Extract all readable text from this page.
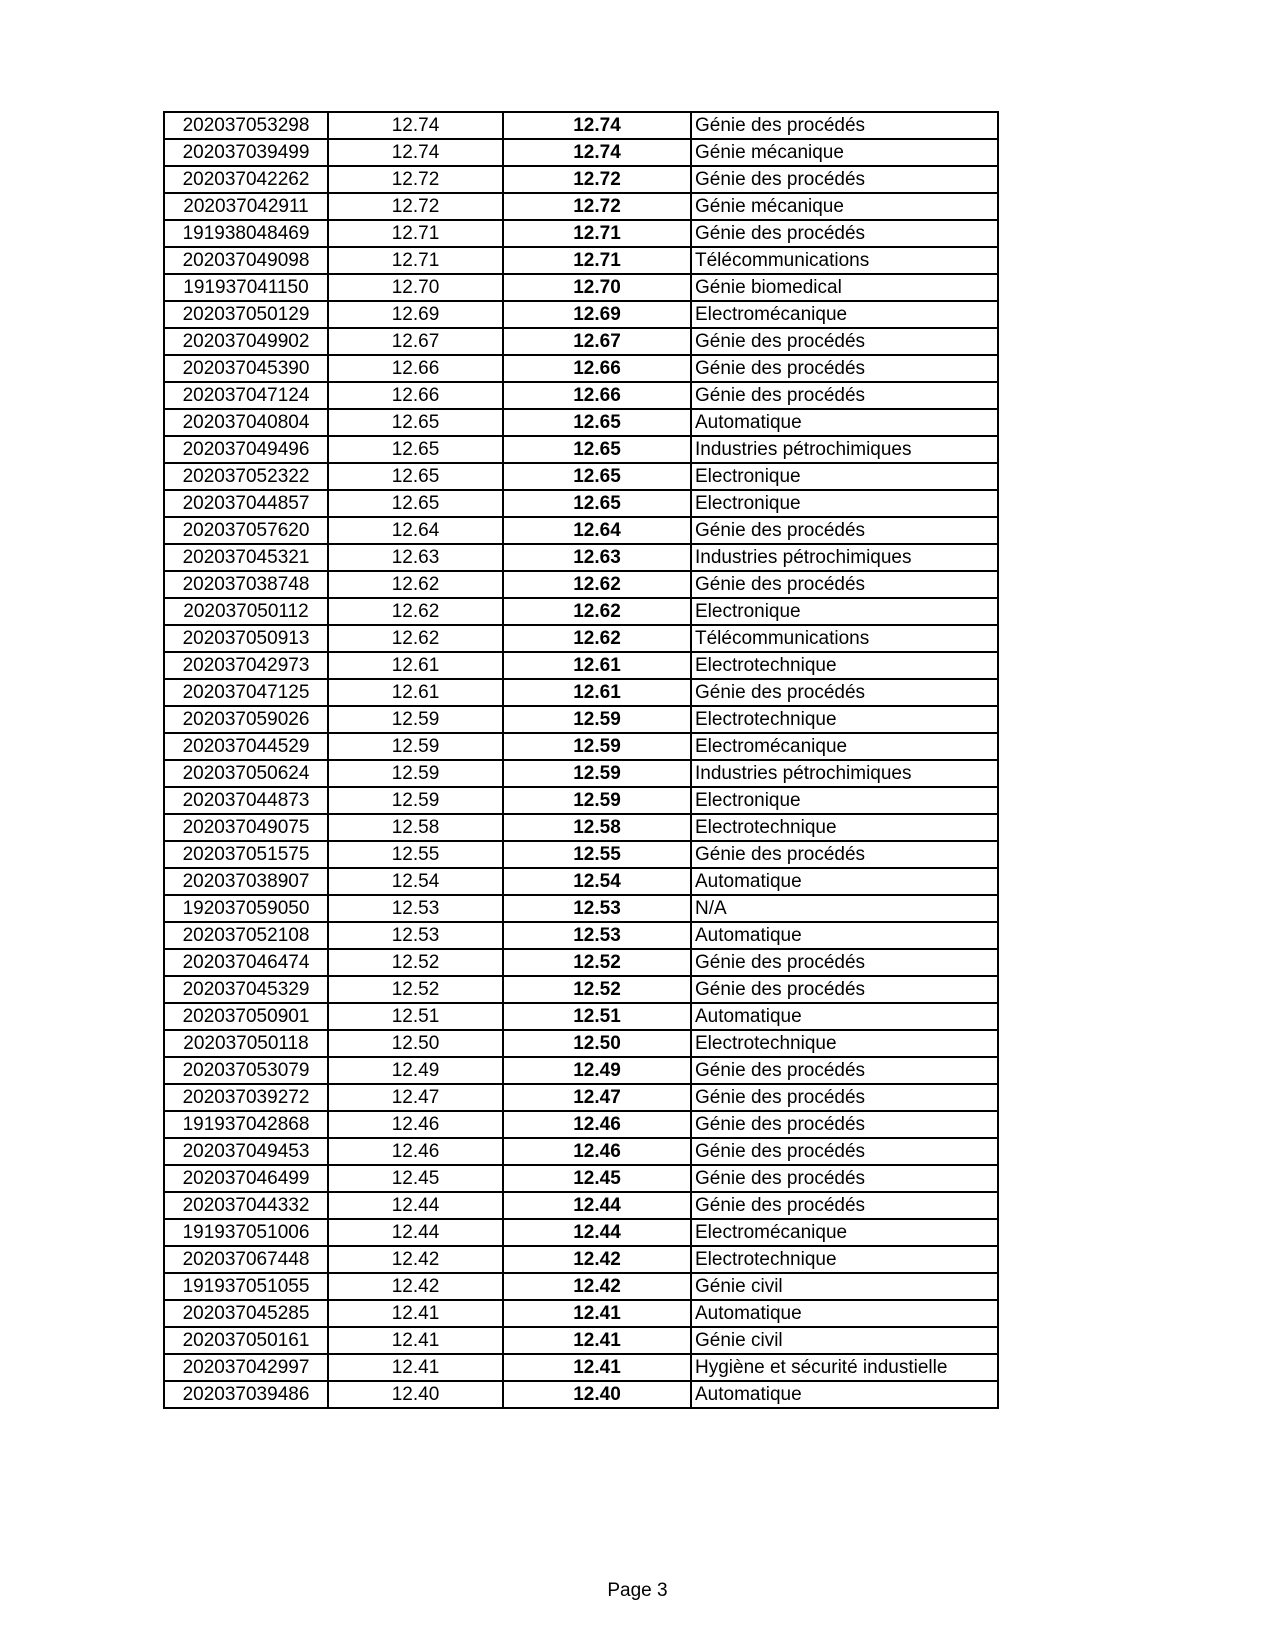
202037053298	12.74	12.74	Génie des procédés
202037039499	12.74	12.74	Génie mécanique
202037042262	12.72	12.72	Génie des procédés
202037042911	12.72	12.72	Génie mécanique
191938048469	12.71	12.71	Génie des procédés
202037049098	12.71	12.71	Télécommunications
191937041150	12.70	12.70	Génie biomedical
202037050129	12.69	12.69	Electromécanique
202037049902	12.67	12.67	Génie des procédés
202037045390	12.66	12.66	Génie des procédés
202037047124	12.66	12.66	Génie des procédés
202037040804	12.65	12.65	Automatique
202037049496	12.65	12.65	Industries pétrochimiques
202037052322	12.65	12.65	Electronique
202037044857	12.65	12.65	Electronique
202037057620	12.64	12.64	Génie des procédés
202037045321	12.63	12.63	Industries pétrochimiques
202037038748	12.62	12.62	Génie des procédés
202037050112	12.62	12.62	Electronique
202037050913	12.62	12.62	Télécommunications
202037042973	12.61	12.61	Electrotechnique
202037047125	12.61	12.61	Génie des procédés
202037059026	12.59	12.59	Electrotechnique
202037044529	12.59	12.59	Electromécanique
202037050624	12.59	12.59	Industries pétrochimiques
202037044873	12.59	12.59	Electronique
202037049075	12.58	12.58	Electrotechnique
202037051575	12.55	12.55	Génie des procédés
202037038907	12.54	12.54	Automatique
192037059050	12.53	12.53	N/A
202037052108	12.53	12.53	Automatique
202037046474	12.52	12.52	Génie des procédés
202037045329	12.52	12.52	Génie des procédés
202037050901	12.51	12.51	Automatique
202037050118	12.50	12.50	Electrotechnique
202037053079	12.49	12.49	Génie des procédés
202037039272	12.47	12.47	Génie des procédés
191937042868	12.46	12.46	Génie des procédés
202037049453	12.46	12.46	Génie des procédés
202037046499	12.45	12.45	Génie des procédés
202037044332	12.44	12.44	Génie des procédés
191937051006	12.44	12.44	Electromécanique
202037067448	12.42	12.42	Electrotechnique
191937051055	12.42	12.42	Génie civil
202037045285	12.41	12.41	Automatique
202037050161	12.41	12.41	Génie civil
202037042997	12.41	12.41	Hygiène et sécurité industielle
202037039486	12.40	12.40	Automatique
Page 3
